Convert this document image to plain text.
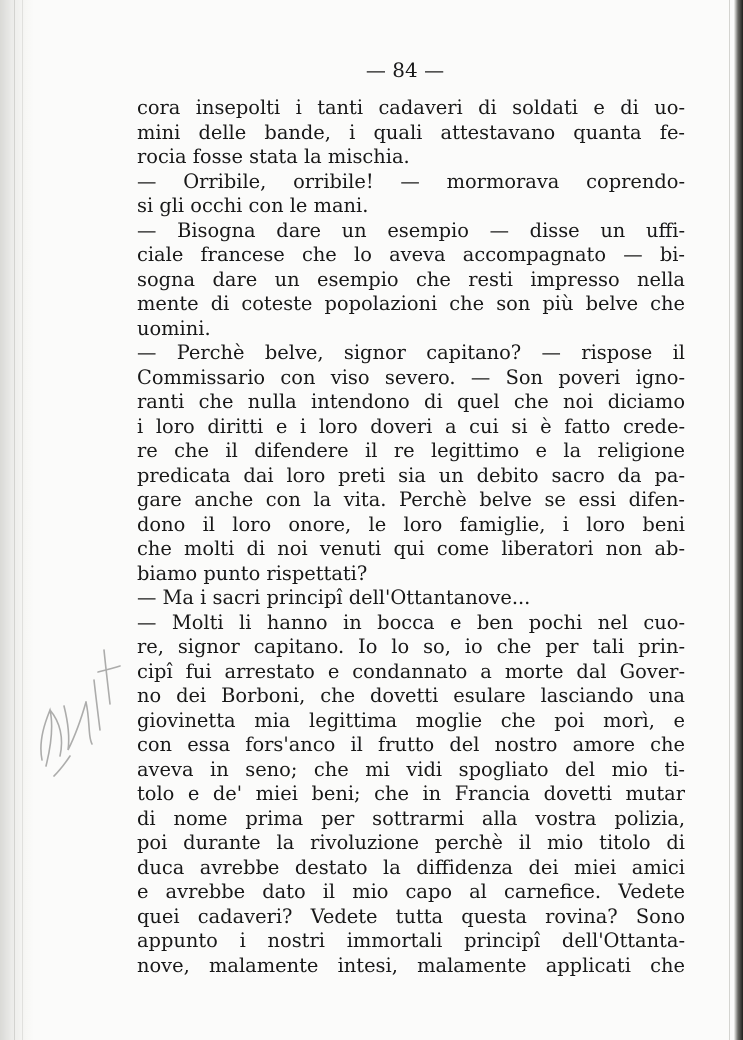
— 84 —
cora insepolti i tanti cadaveri di soldati e di uo-
mini delle bande, i quali attestavano quanta fe-
rocia fosse stata la mischia.
— Orribile, orribile! — mormorava coprendo-
si gli occhi con le mani.
— Bisogna dare un esempio — disse un uffi-
ciale francese che lo aveva accompagnato — bi-
sogna dare un esempio che resti impresso nella
mente di coteste popolazioni che son più belve che
uomini.
— Perchè belve, signor capitano? — rispose il
Commissario con viso severo. — Son poveri igno-
ranti che nulla intendono di quel che noi diciamo
i loro diritti e i loro doveri a cui si è fatto crede-
re che il difendere il re legittimo e la religione
predicata dai loro preti sia un debito sacro da pa-
gare anche con la vita. Perchè belve se essi difen-
dono il loro onore, le loro famiglie, i loro beni
che molti di noi venuti qui come liberatori non ab-
biamo punto rispettati?
— Ma i sacri principî dell'Ottantanove...
— Molti li hanno in bocca e ben pochi nel cuo-
re, signor capitano. Io lo so, io che per tali prin-
cipî fui arrestato e condannato a morte dal Gover-
no dei Borboni, che dovetti esulare lasciando una
giovinetta mia legittima moglie che poi morì, e
con essa fors'anco il frutto del nostro amore che
aveva in seno; che mi vidi spogliato del mio ti-
tolo e de' miei beni; che in Francia dovetti mutar
di nome prima per sottrarmi alla vostra polizia,
poi durante la rivoluzione perchè il mio titolo di
duca avrebbe destato la diffidenza dei miei amici
e avrebbe dato il mio capo al carnefice. Vedete
quei cadaveri? Vedete tutta questa rovina? Sono
appunto i nostri immortali principî dell'Ottanta-
nove, malamente intesi, malamente applicati che
